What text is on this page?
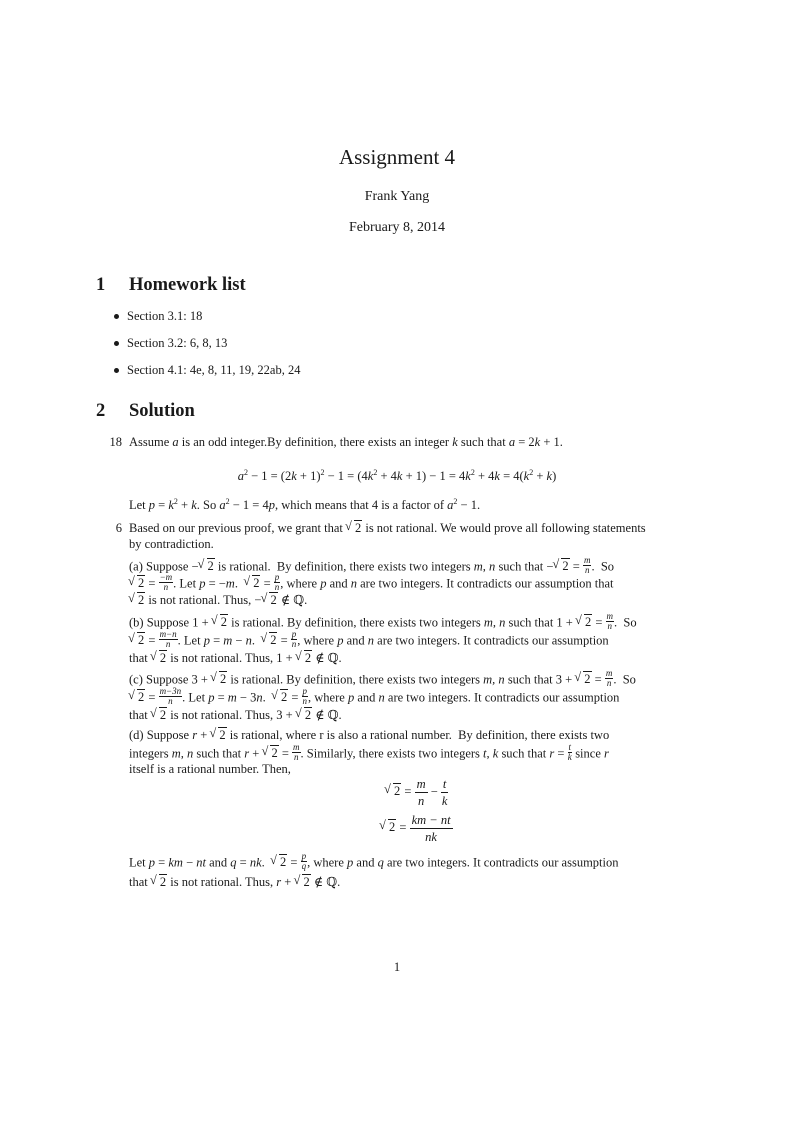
Assignment 4
Frank Yang
February 8, 2014
1 Homework list
Section 3.1: 18
Section 3.2: 6, 8, 13
Section 4.1: 4e, 8, 11, 19, 22ab, 24
2 Solution
18 Assume a is an odd integer.By definition, there exists an integer k such that a = 2k + 1.
$a^2 - 1 = (2k + 1)^2 - 1 = (4k^2 + 4k + 1) - 1 = 4k^2 + 4k = 4(k^2 + k)$
Let $p = k^2 + k$. So $a^2 - 1 = 4p$, which means that 4 is a factor of $a^2 - 1$.
6 Based on our previous proof, we grant that √ 2 is not rational. We would prove all following statements
by contradiction.
(a) Suppose − √ 2 is rational.  By definition, there exists two integers m, n such that − √ $2 = \frac{m}{n}$ .  So
√ $2 = \frac{-m}{n}$ . Let p = −m.  √ $2 = \frac{p}{n}$ , where p and n are two integers. It contradicts our assumption that
√ 2 is not rational. Thus, − √ 2 ∉ ℚ.
(b) Suppose 1 + √ 2 is rational. By definition, there exists two integers m, n such that 1 + √ $2 = \frac{m}{n}$ .  So
√ $2 = \frac{m-n}{n}$ . Let p = m − n.  √ $2 = \frac{p}{n}$ , where p and n are two integers. It contradicts our assumption
that √ 2 is not rational. Thus, 1 + √ 2 ∉ ℚ.
(c) Suppose 3 + √ 2 is rational. By definition, there exists two integers m, n such that 3 + √ $2 = \frac{m}{n}$ .  So
√ $2 = \frac{m-3n}{n}$ . Let p = m − 3n.  √ $2 = \frac{p}{n}$ , where p and n are two integers. It contradicts our assumption
that √ 2 is not rational. Thus, 3 + √ 2 ∉ ℚ.
(d) Suppose r + √ 2 is rational, where r is also a rational number.  By definition, there exists two
integers m, n such that r + √ $2 = \frac{m}{n}$ . Similarly, there exists two integers t, k such that $r = \frac{t}{k}$ since r
itself is a rational number. Then,
√ $2 = \frac{m}{n} - \frac{t}{k}$
√ $2 = \frac{km - nt}{nk}$
Let p = km − nt and q = nk.  √ $2 = \frac{p}{q}$ , where p and q are two integers. It contradicts our assumption
that √ 2 is not rational. Thus, r + √ 2 ∉ ℚ.
1
